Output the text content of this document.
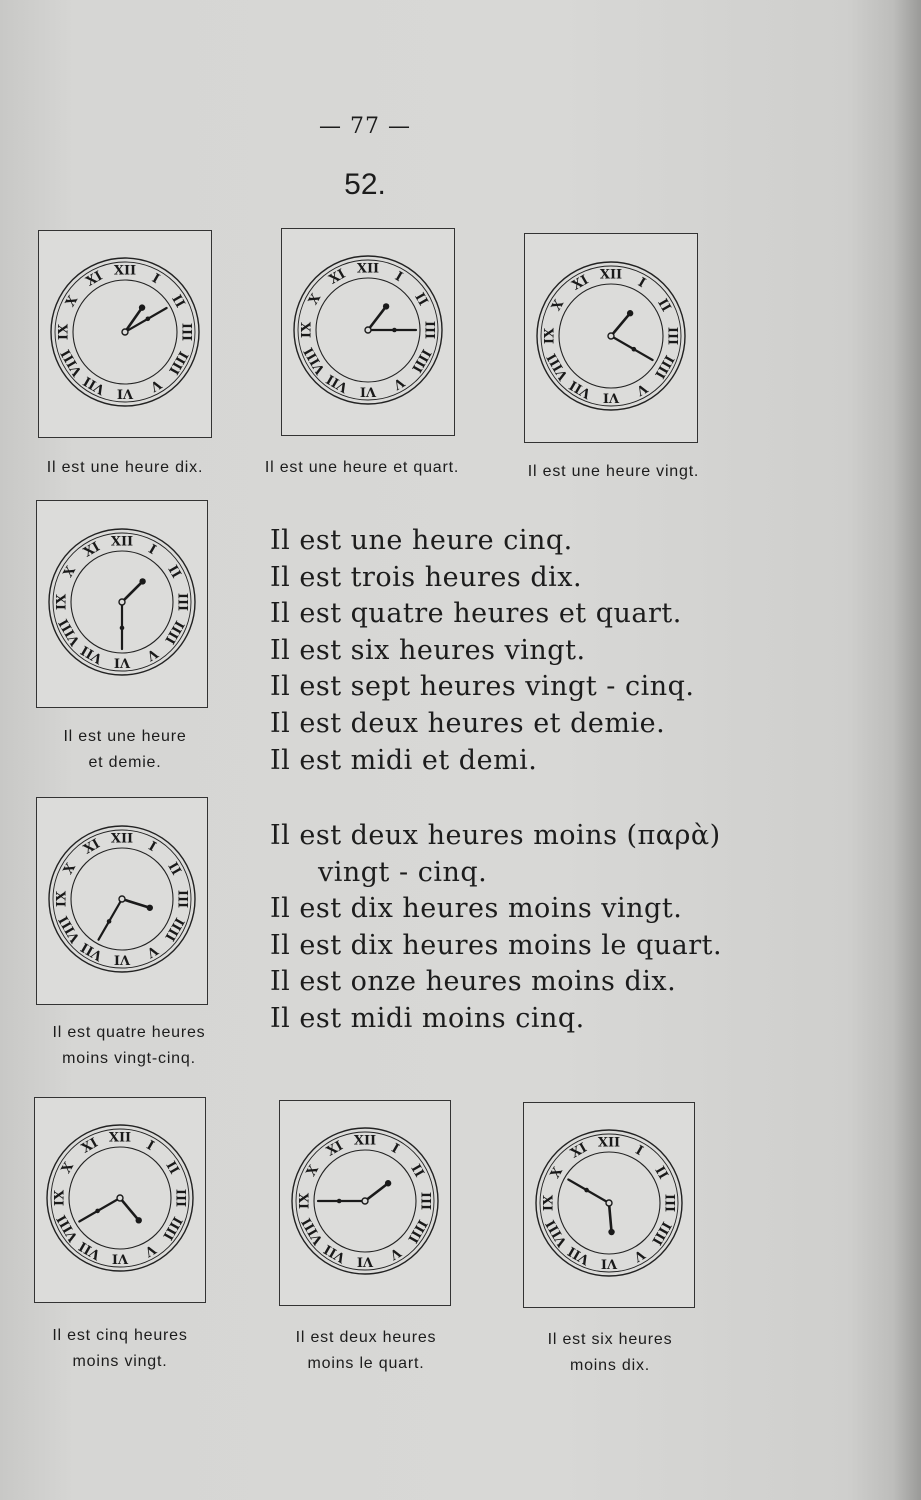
— 77 —
52.
XII
I
II
III
IIII
V
VI
VII
VIII
IX
X
XI	XII
I
II
III
IIII
V
VI
VII
VIII
IX
X
XI	XII
I
II
III
IIII
V
VI
VII
VIII
IX
X
XI
Il est une heure dix.	Il est une heure et quart.	Il est une heure vingt.
XII
I
II
III
IIII
V
VI
VII
VIII
IX
X
XI
Il est une heure
et demie.
XII
I
II
III
IIII
V
VI
VII
VIII
IX
X
XI
Il est quatre heures
moins vingt-cinq.
Il est une heure cinq.
Il est trois heures dix.
Il est quatre heures et quart.
Il est six heures vingt.
Il est sept heures vingt - cinq.
Il est deux heures et demie.
Il est midi et demi.
Il est deux heures moins (παρὰ)
vingt - cinq.
Il est dix heures moins vingt.
Il est dix heures moins le quart.
Il est onze heures moins dix.
Il est midi moins cinq.
XII
I
II
III
IIII
V
VI
VII
VIII
IX
X
XI	XII
I
II
III
IIII
V
VI
VII
VIII
IX
X
XI	XII
I
II
III
IIII
V
VI
VII
VIII
IX
X
XI
Il est cinq heures
moins vingt.
Il est deux heures
moins le quart.
Il est six heures
moins dix.
